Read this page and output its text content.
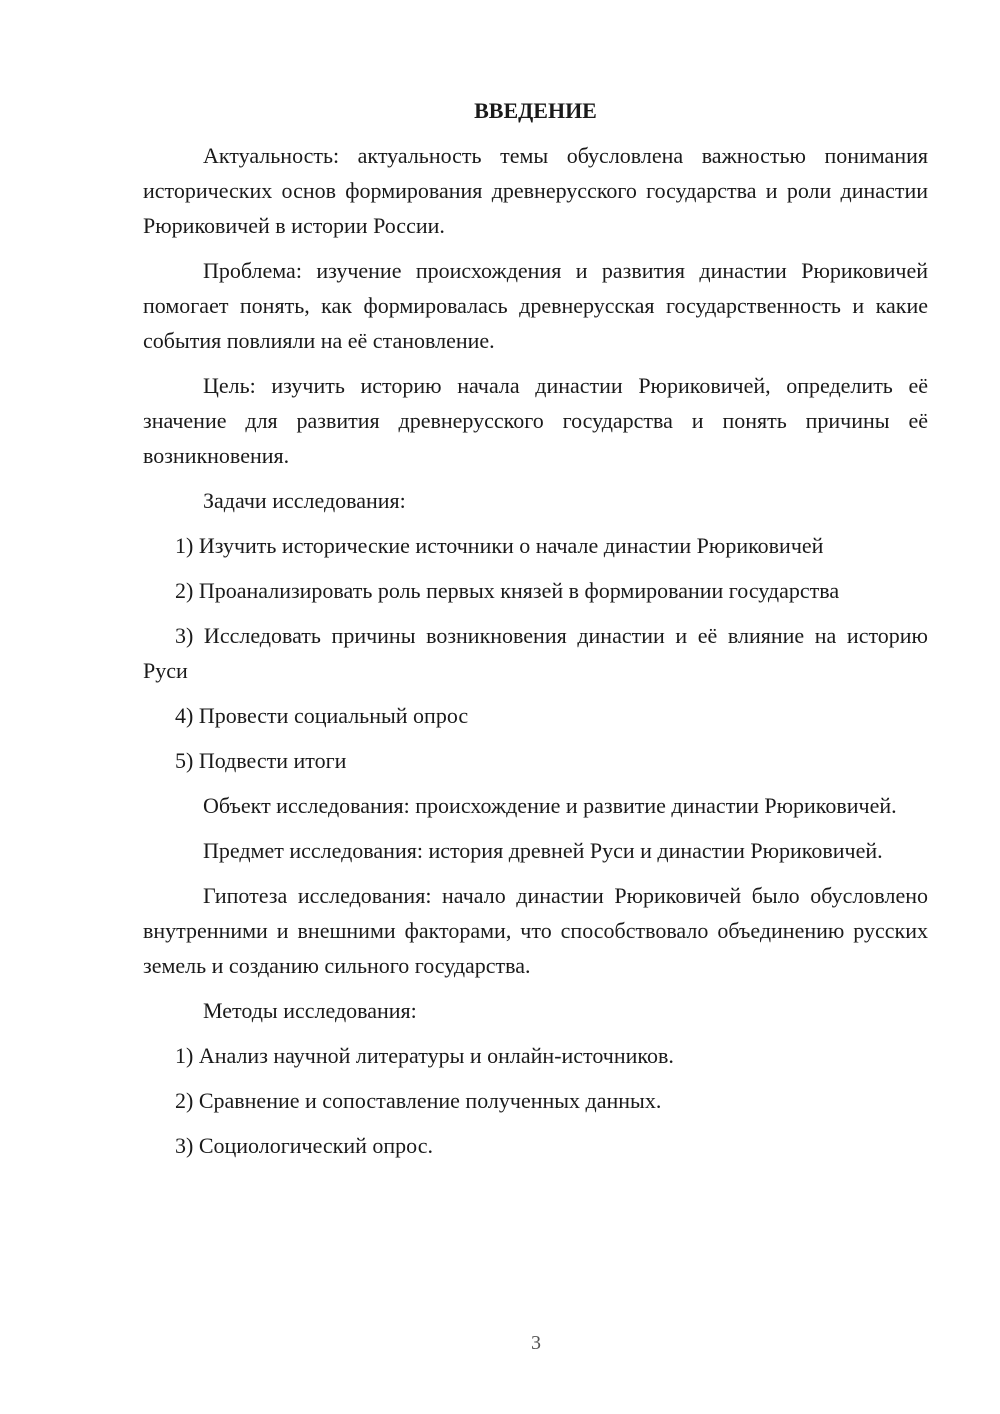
ВВЕДЕНИЕ

Актуальность: актуальность темы обусловлена важностью понимания исторических основ формирования древнерусского государства и роли династии Рюриковичей в истории России.

Проблема: изучение происхождения и развития династии Рюриковичей помогает понять, как формировалась древнерусская государственность и какие события повлияли на её становление.

Цель: изучить историю начала династии Рюриковичей, определить её значение для развития древнерусского государства и понять причины её возникновения.

Задачи исследования:

1) Изучить исторические источники о начале династии Рюриковичей

2) Проанализировать роль первых князей в формировании государства

3) Исследовать причины возникновения династии и её влияние на историю Руси

4) Провести социальный опрос

5) Подвести итоги

Объект исследования: происхождение и развитие династии Рюриковичей.

Предмет исследования: история древней Руси и династии Рюриковичей.

Гипотеза исследования: начало династии Рюриковичей было обусловлено внутренними и внешними факторами, что способствовало объединению русских земель и созданию сильного государства.

Методы исследования:

1) Анализ научной литературы и онлайн-источников.

2) Сравнение и сопоставление полученных данных.

3) Социологический опрос.

3
